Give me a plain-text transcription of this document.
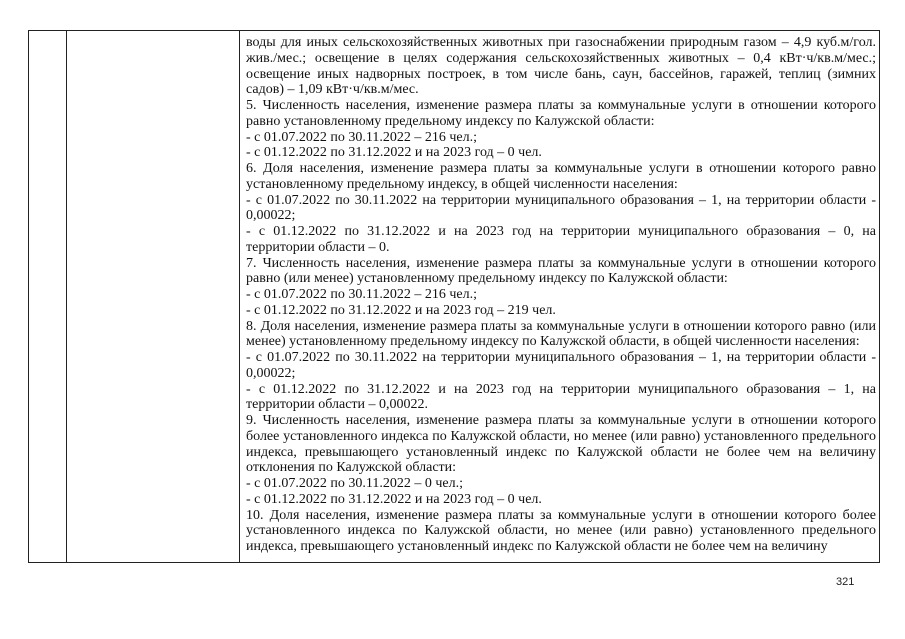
воды для иных сельскохозяйственных животных при газоснабжении природным газом – 4,9 куб.м/гол. жив./мес.; освещение в целях содержания сельскохозяйственных животных – 0,4 кВт·ч/кв.м/мес.; освещение иных надворных построек, в том числе бань, саун, бассейнов, гаражей, теплиц (зимних садов) – 1,09 кВт·ч/кв.м/мес.

5. Численность населения, изменение размера платы за коммунальные услуги в отношении которого равно установленному предельному индексу по Калужской области:

- с 01.07.2022 по 30.11.2022 – 216 чел.;

- с 01.12.2022 по 31.12.2022 и на 2023 год – 0 чел.

6. Доля населения, изменение размера платы за коммунальные услуги в отношении которого равно установленному предельному индексу, в общей численности населения:

- с 01.07.2022 по 30.11.2022 на территории муниципального образования – 1, на территории области - 0,00022;

- с 01.12.2022 по 31.12.2022 и на 2023 год на территории муниципального образования – 0, на территории области – 0.

7. Численность населения, изменение размера платы за коммунальные услуги в отношении которого равно (или менее) установленному предельному индексу по Калужской области:

- с 01.07.2022 по 30.11.2022 – 216 чел.;

- с 01.12.2022 по 31.12.2022 и на 2023 год – 219 чел.

8. Доля населения, изменение размера платы за коммунальные услуги в отношении которого равно (или менее) установленному предельному индексу по Калужской области, в общей численности населения:

- с 01.07.2022 по 30.11.2022 на территории муниципального образования – 1, на территории области - 0,00022;

- с 01.12.2022 по 31.12.2022 и на 2023 год на территории муниципального образования – 1, на территории области – 0,00022.

9. Численность населения, изменение размера платы за коммунальные услуги в отношении которого более установленного индекса по Калужской области, но менее (или равно) установленного предельного индекса, превышающего установленный индекс по Калужской области не более чем на величину отклонения по Калужской области:

- с 01.07.2022 по 30.11.2022 – 0 чел.;

- с 01.12.2022 по 31.12.2022 и на 2023 год – 0 чел.

10. Доля населения, изменение размера платы за коммунальные услуги в отношении которого более установленного индекса по Калужской области, но менее (или равно) установленного предельного индекса, превышающего установленный индекс по Калужской области не более чем на величину

321
